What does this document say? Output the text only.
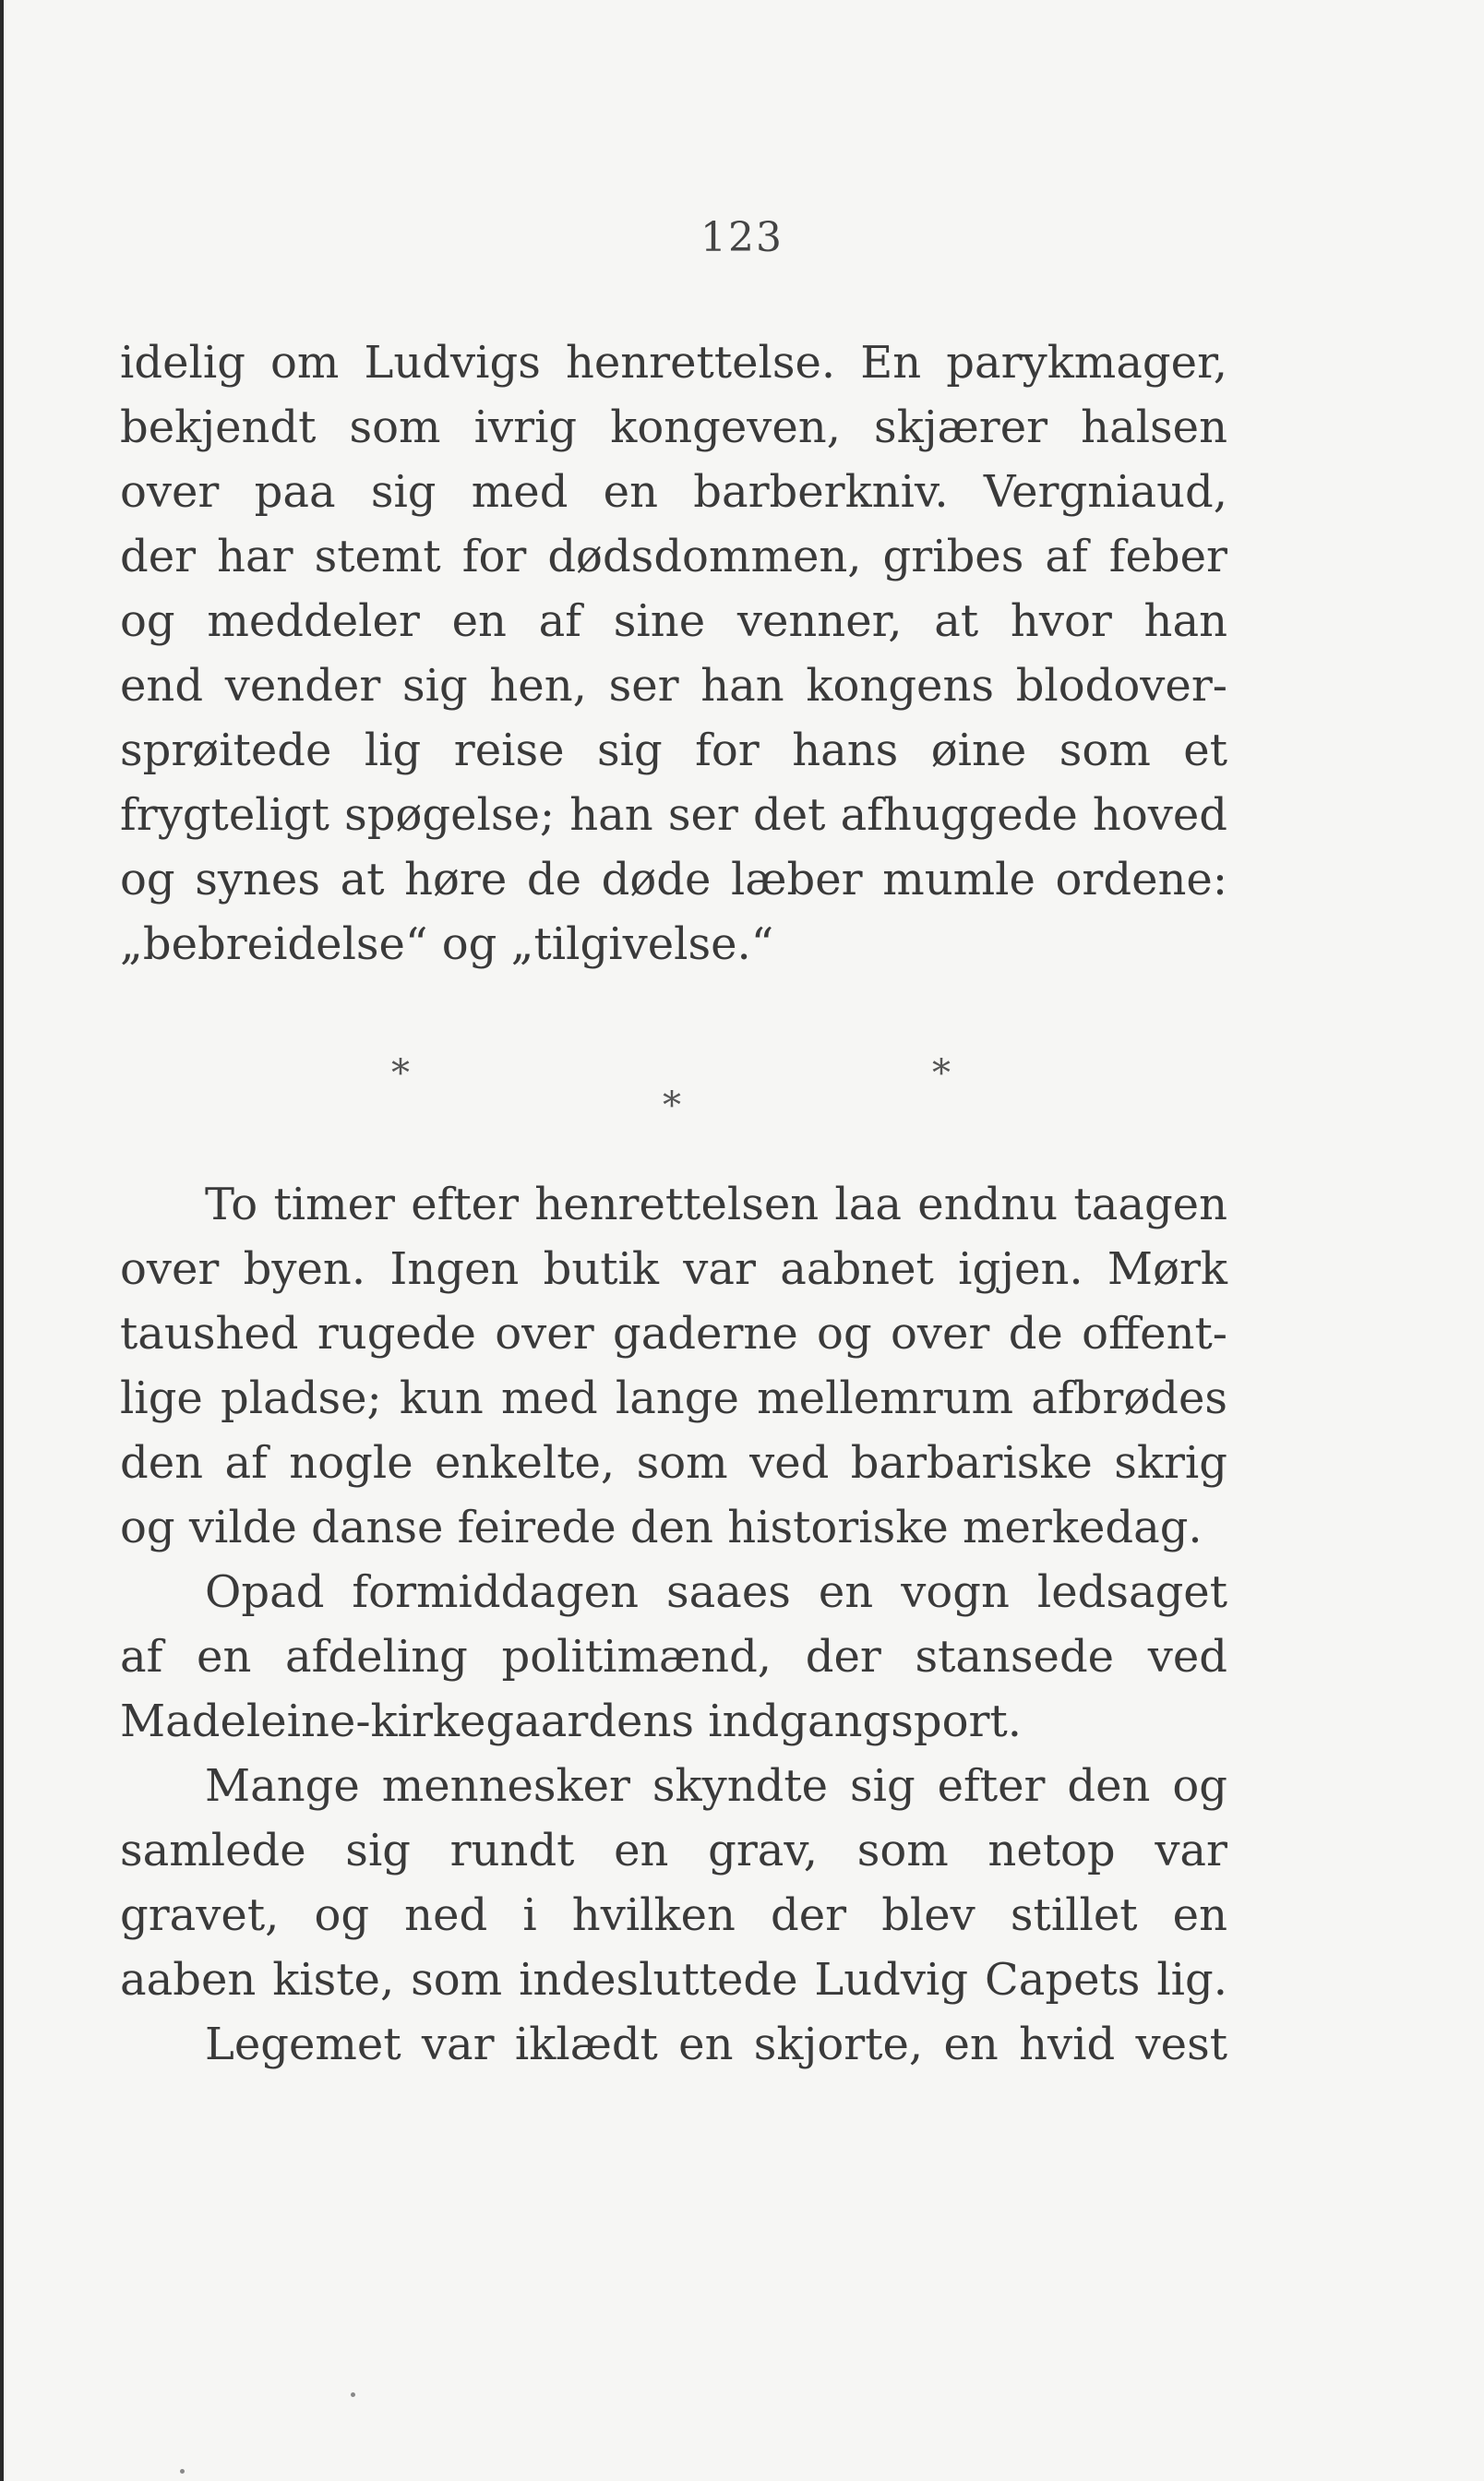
123
idelig om Ludvigs henrettelse. En parykmager,
bekjendt som ivrig kongeven, skjærer halsen
over paa sig med en barberkniv. Vergniaud,
der har stemt for dødsdommen, gribes af feber
og meddeler en af sine venner, at hvor han
end vender sig hen, ser han kongens blodover-
sprøitede lig reise sig for hans øine som et
frygteligt spøgelse; han ser det afhuggede hoved
og synes at høre de døde læber mumle ordene:
„bebreidelse“ og „tilgivelse.“
*	*
*
To timer efter henrettelsen laa endnu taagen
over byen. Ingen butik var aabnet igjen. Mørk
taushed rugede over gaderne og over de offent-
lige pladse; kun med lange mellemrum afbrødes
den af nogle enkelte, som ved barbariske skrig
og vilde danse feirede den historiske merkedag.
Opad formiddagen saaes en vogn ledsaget
af en afdeling politimænd, der stansede ved
Madeleine-kirkegaardens indgangsport.
Mange mennesker skyndte sig efter den og
samlede sig rundt en grav, som netop var
gravet, og ned i hvilken der blev stillet en
aaben kiste, som indesluttede Ludvig Capets lig.
Legemet var iklædt en skjorte, en hvid vest
